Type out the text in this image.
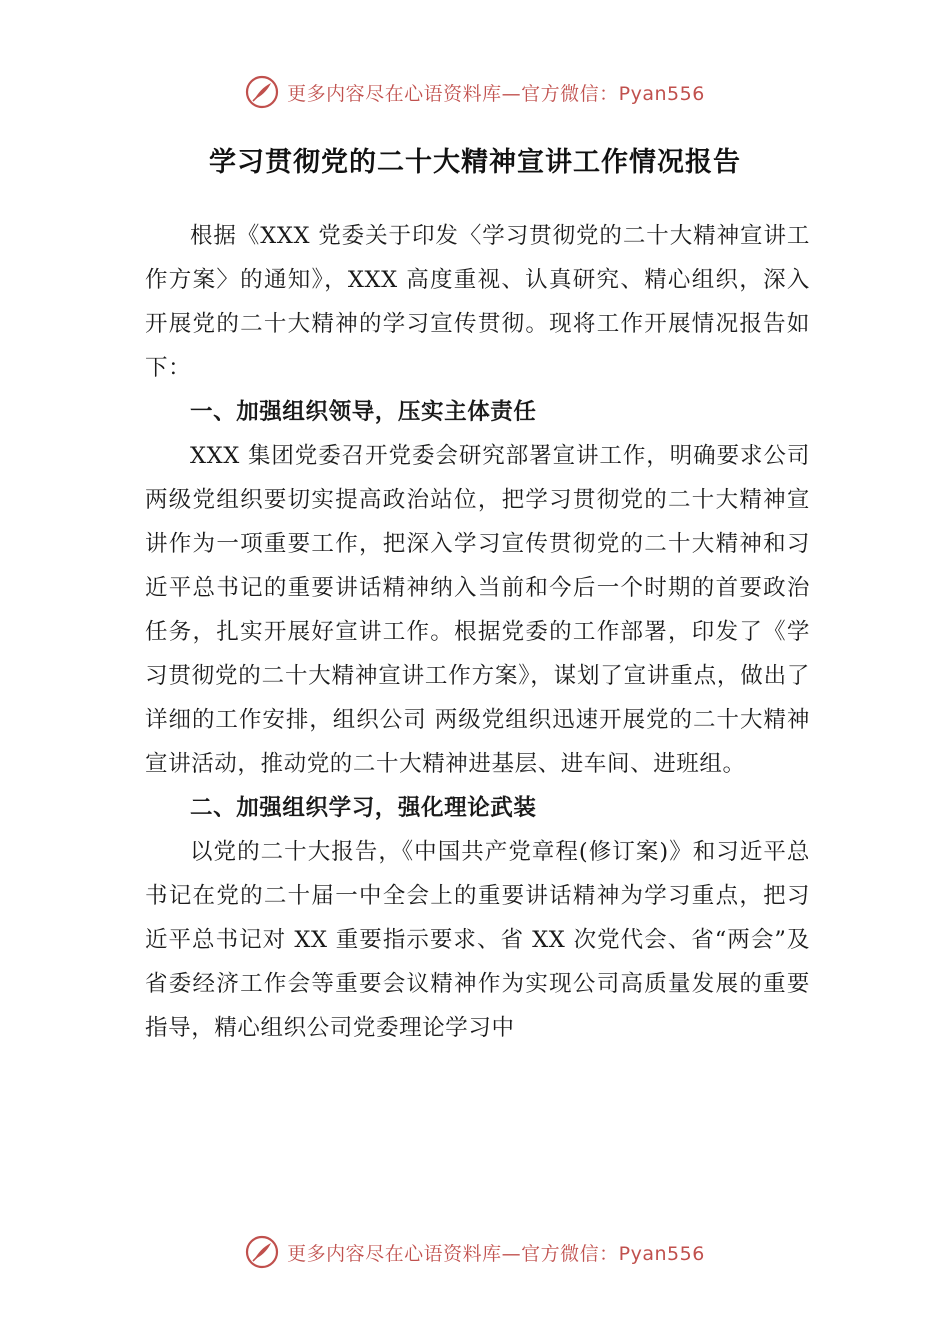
更多内容尽在心语资料库—官方微信：Pyan556
学习贯彻党的二十大精神宣讲工作情况报告

根据《XXX 党委关于印发〈学习贯彻党的二十大精神宣讲工作方案〉的通知》，XXX 高度重视、认真研究、精心组织，深入开展党的二十大精神的学习宣传贯彻。现将工作开展情况报告如下：

一、加强组织领导，压实主体责任

XXX 集团党委召开党委会研究部署宣讲工作，明确要求公司两级党组织要切实提高政治站位，把学习贯彻党的二十大精神宣讲作为一项重要工作，把深入学习宣传贯彻党的二十大精神和习近平总书记的重要讲话精神纳入当前和今后一个时期的首要政治任务，扎实开展好宣讲工作。根据党委的工作部署，印发了《学习贯彻党的二十大精神宣讲工作方案》，谋划了宣讲重点，做出了详细的工作安排，组织公司 两级党组织迅速开展党的二十大精神宣讲活动，推动党的二十大精神进基层、进车间、进班组。

二、加强组织学习，强化理论武装

以党的二十大报告，《中国共产党章程(修订案)》和习近平总书记在党的二十届一中全会上的重要讲话精神为学习重点，把习近平总书记对 XX 重要指示要求、省 XX 次党代会、省“两会”及省委经济工作会等重要会议精神作为实现公司高质量发展的重要指导，精心组织公司党委理论学习中

更多内容尽在心语资料库—官方微信：Pyan556
